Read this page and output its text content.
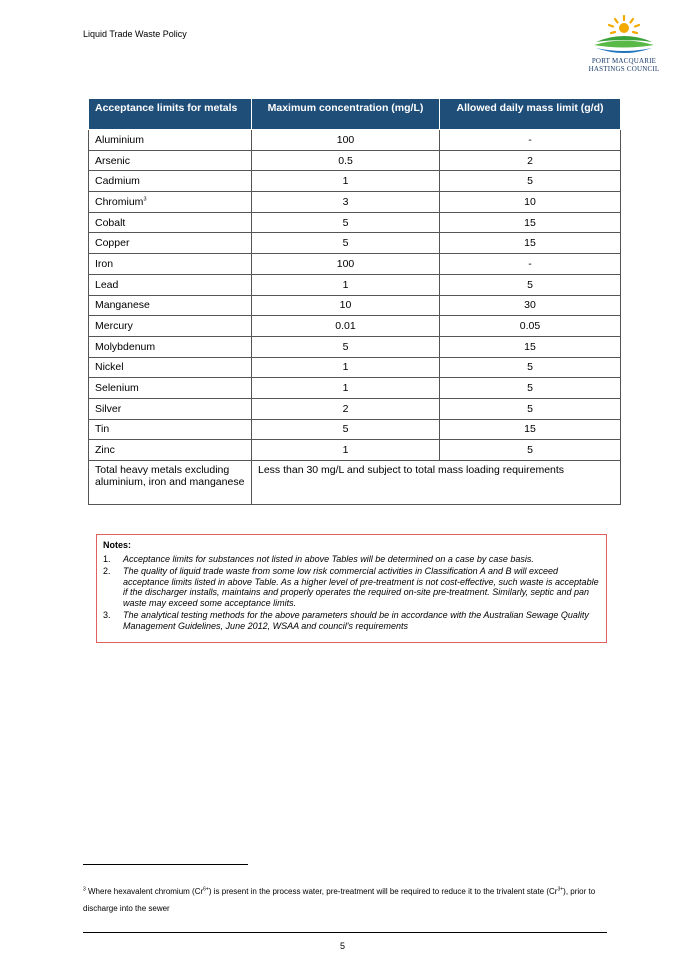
Liquid Trade Waste Policy
PORT MACQUARIE
HASTINGS COUNCIL
Acceptance limits for metals	Maximum concentration (mg/L)	Allowed daily mass limit (g/d)
Aluminium	100	-
Arsenic	0.5	2
Cadmium	1	5
Chromium$^3$	3	10
Cobalt	5	15
Copper	5	15
Iron	100	-
Lead	1	5
Manganese	10	30
Mercury	0.01	0.05
Molybdenum	5	15
Nickel	1	5
Selenium	1	5
Silver	2	5
Tin	5	15
Zinc	1	5
Total heavy metals excluding aluminium, iron and manganese	Less than 30 mg/L and subject to total mass loading requirements	
Notes:
1.	Acceptance limits for substances not listed in above Tables will be determined on a case by case basis.
2.	The quality of liquid trade waste from some low risk commercial activities in Classification A and B will exceed acceptance limits listed in above Table. As a higher level of pre-treatment is not cost-effective, such waste is acceptable if the discharger installs, maintains and properly operates the required on-site pre-treatment. Similarly, septic and pan waste may exceed some acceptance limits.
3.	The analytical testing methods for the above parameters should be in accordance with the Australian Sewage Quality Management Guidelines, June 2012, WSAA and council's requirements
$^3$ Where hexavalent chromium $(Cr^{6+})$ is present in the process water, pre-treatment will be required to reduce it to the trivalent state $(Cr^{3+})$, prior to discharge into the sewer
5
